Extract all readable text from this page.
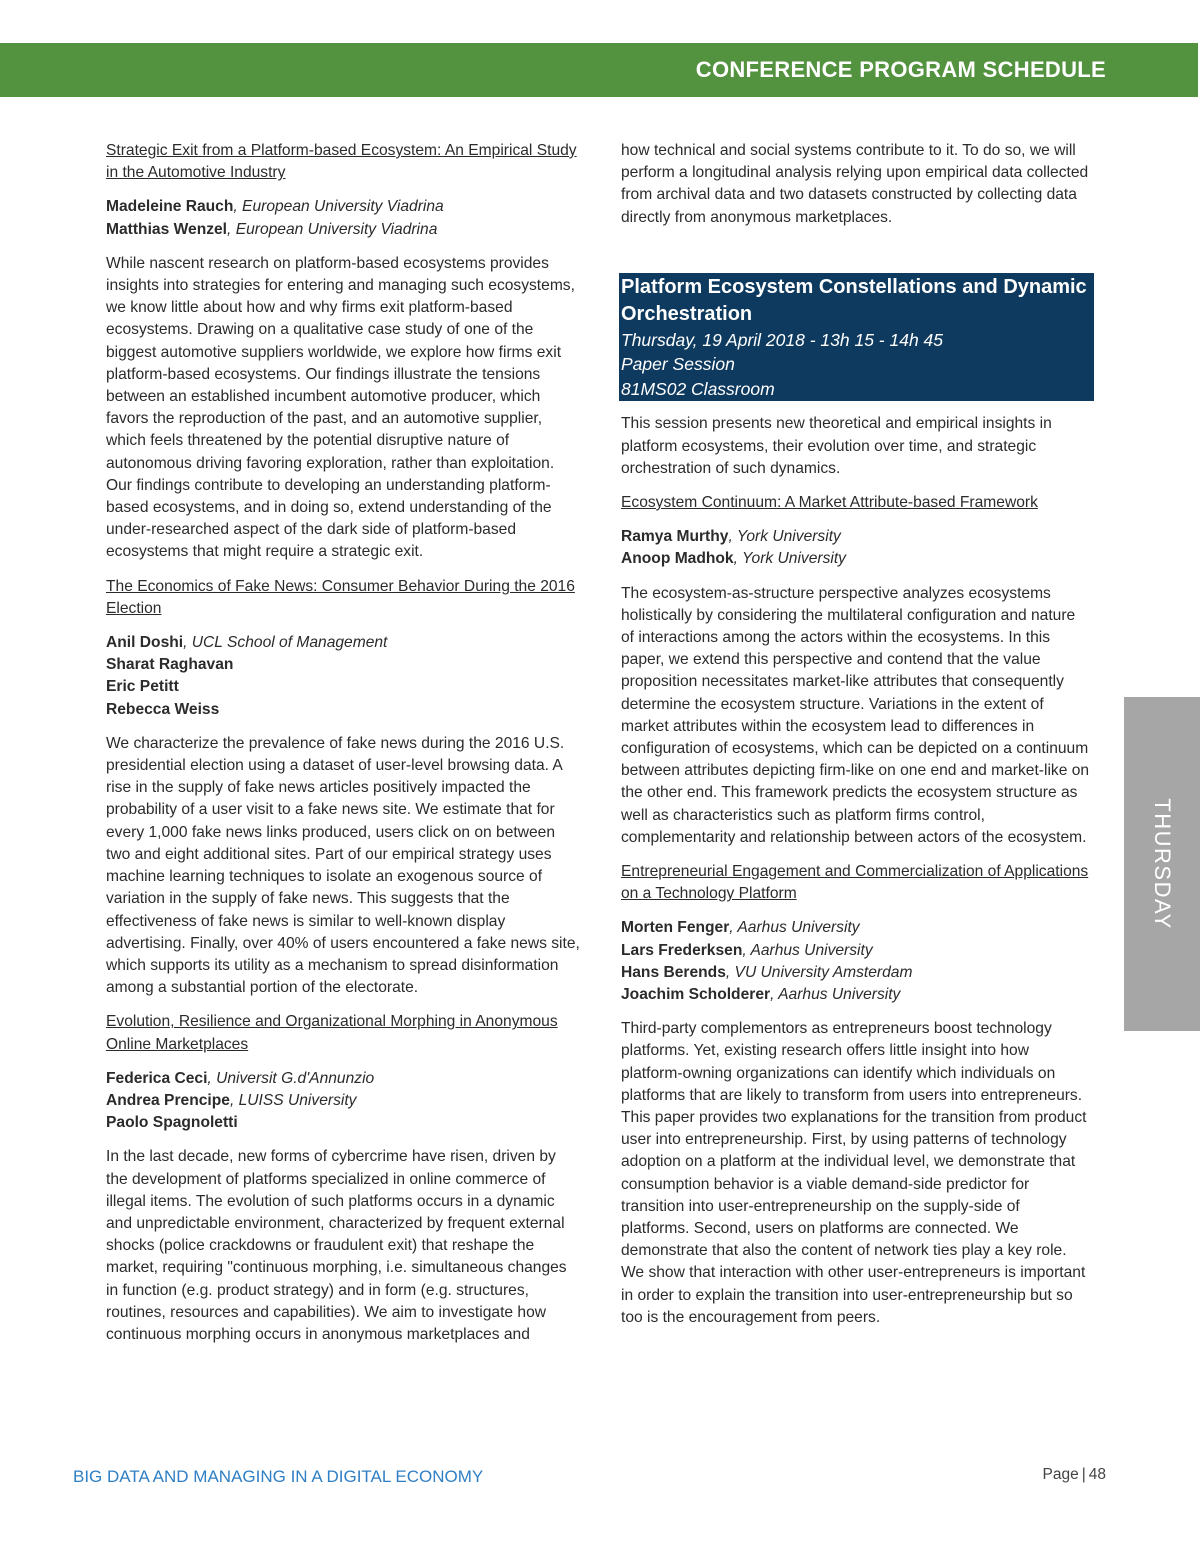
CONFERENCE PROGRAM SCHEDULE

Strategic Exit from a Platform-based Ecosystem: An Empirical Study in the Automotive Industry

Madeleine Rauch, European University Viadrina
Matthias Wenzel, European University Viadrina

While nascent research on platform-based ecosystems provides insights into strategies for entering and managing such ecosystems, we know little about how and why firms exit platform-based ecosystems. Drawing on a qualitative case study of one of the biggest automotive suppliers worldwide, we explore how firms exit platform-based ecosystems. Our findings illustrate the tensions between an established incumbent automotive producer, which favors the reproduction of the past, and an automotive supplier, which feels threatened by the potential disruptive nature of autonomous driving favoring exploration, rather than exploitation. Our findings contribute to developing an understanding platform-based ecosystems, and in doing so, extend understanding of the under-researched aspect of the dark side of platform-based ecosystems that might require a strategic exit.

The Economics of Fake News: Consumer Behavior During the 2016 Election

Anil Doshi, UCL School of Management
Sharat Raghavan
Eric Petitt
Rebecca Weiss

We characterize the prevalence of fake news during the 2016 U.S. presidential election using a dataset of user-level browsing data. A rise in the supply of fake news articles positively impacted the probability of a user visit to a fake news site. We estimate that for every 1,000 fake news links produced, users click on on between two and eight additional sites. Part of our empirical strategy uses machine learning techniques to isolate an exogenous source of variation in the supply of fake news. This suggests that the effectiveness of fake news is similar to well-known display advertising. Finally, over 40% of users encountered a fake news site, which supports its utility as a mechanism to spread disinformation among a substantial portion of the electorate.

Evolution, Resilience and Organizational Morphing in Anonymous Online Marketplaces

Federica Ceci, Universit G.d'Annunzio
Andrea Prencipe, LUISS University
Paolo Spagnoletti

In the last decade, new forms of cybercrime have risen, driven by the development of platforms specialized in online commerce of illegal items. The evolution of such platforms occurs in a dynamic and unpredictable environment, characterized by frequent external shocks (police crackdowns or fraudulent exit) that reshape the market, requiring "continuous morphing, i.e. simultaneous changes in function (e.g. product strategy) and in form (e.g. structures, routines, resources and capabilities). We aim to investigate how continuous morphing occurs in anonymous marketplaces and

how technical and social systems contribute to it. To do so, we will perform a longitudinal analysis relying upon empirical data collected from archival data and two datasets constructed by collecting data directly from anonymous marketplaces.

Platform Ecosystem Constellations and Dynamic Orchestration
Thursday, 19 April 2018 - 13h 15 - 14h 45
Paper Session
81MS02 Classroom

This session presents new theoretical and empirical insights in platform ecosystems, their evolution over time, and strategic orchestration of such dynamics.

Ecosystem Continuum: A Market Attribute-based Framework

Ramya Murthy, York University
Anoop Madhok, York University

The ecosystem-as-structure perspective analyzes ecosystems holistically by considering the multilateral configuration and nature of interactions among the actors within the ecosystems. In this paper, we extend this perspective and contend that the value proposition necessitates market-like attributes that consequently determine the ecosystem structure. Variations in the extent of market attributes within the ecosystem lead to differences in configuration of ecosystems, which can be depicted on a continuum between attributes depicting firm-like on one end and market-like on the other end. This framework predicts the ecosystem structure as well as characteristics such as platform firms control, complementarity and relationship between actors of the ecosystem.

Entrepreneurial Engagement and Commercialization of Applications on a Technology Platform

Morten Fenger, Aarhus University
Lars Frederksen, Aarhus University
Hans Berends, VU University Amsterdam
Joachim Scholderer, Aarhus University

Third-party complementors as entrepreneurs boost technology platforms. Yet, existing research offers little insight into how platform-owning organizations can identify which individuals on platforms that are likely to transform from users into entrepreneurs. This paper provides two explanations for the transition from product user into entrepreneurship. First, by using patterns of technology adoption on a platform at the individual level, we demonstrate that consumption behavior is a viable demand-side predictor for transition into user-entrepreneurship on the supply-side of platforms. Second, users on platforms are connected. We demonstrate that also the content of network ties play a key role. We show that interaction with other user-entrepreneurs is important in order to explain the transition into user-entrepreneurship but so too is the encouragement from peers.

THURSDAY
BIG DATA AND MANAGING IN A DIGITAL ECONOMY	Page | 48
